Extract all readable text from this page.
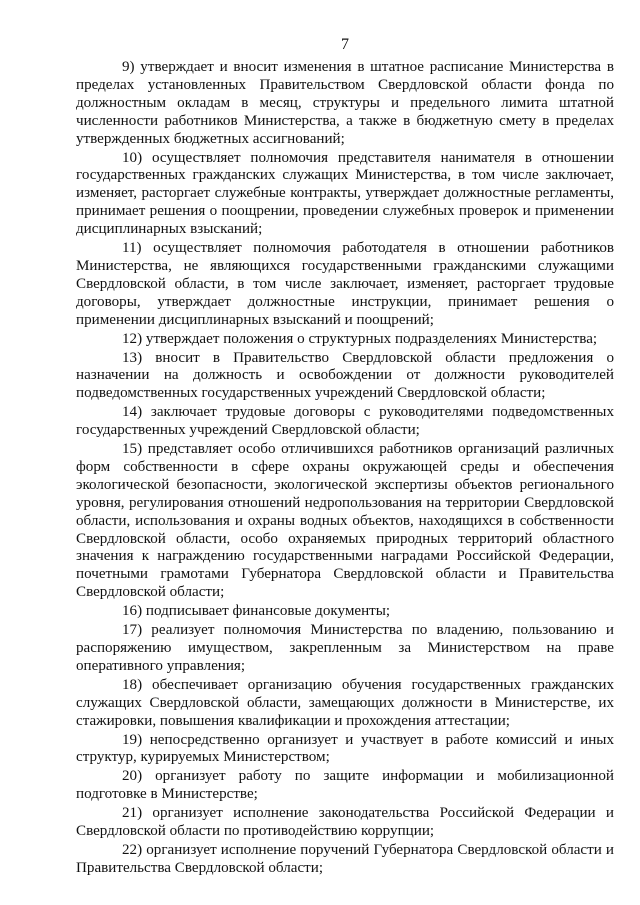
7

9) утверждает и вносит изменения в штатное расписание Министерства в пределах установленных Правительством Свердловской области фонда по должностным окладам в месяц, структуры и предельного лимита штатной численности работников Министерства, а также в бюджетную смету в пределах утвержденных бюджетных ассигнований;

10) осуществляет полномочия представителя нанимателя в отношении государственных гражданских служащих Министерства, в том числе заключает, изменяет, расторгает служебные контракты, утверждает должностные регламенты, принимает решения о поощрении, проведении служебных проверок и применении дисциплинарных взысканий;

11) осуществляет полномочия работодателя в отношении работников Министерства, не являющихся государственными гражданскими служащими Свердловской области, в том числе заключает, изменяет, расторгает трудовые договоры, утверждает должностные инструкции, принимает решения о применении дисциплинарных взысканий и поощрений;

12) утверждает положения о структурных подразделениях Министерства;

13) вносит в Правительство Свердловской области предложения о назначении на должность и освобождении от должности руководителей подведомственных государственных учреждений Свердловской области;

14) заключает трудовые договоры с руководителями подведомственных государственных учреждений Свердловской области;

15) представляет особо отличившихся работников организаций различных форм собственности в сфере охраны окружающей среды и обеспечения экологической безопасности, экологической экспертизы объектов регионального уровня, регулирования отношений недропользования на территории Свердловской области, использования и охраны водных объектов, находящихся в собственности Свердловской области, особо охраняемых природных территорий областного значения к награждению государственными наградами Российской Федерации, почетными грамотами Губернатора Свердловской области и Правительства Свердловской области;

16) подписывает финансовые документы;

17) реализует полномочия Министерства по владению, пользованию и распоряжению имуществом, закрепленным за Министерством на праве оперативного управления;

18) обеспечивает организацию обучения государственных гражданских служащих Свердловской области, замещающих должности в Министерстве, их стажировки, повышения квалификации и прохождения аттестации;

19) непосредственно организует и участвует в работе комиссий и иных структур, курируемых Министерством;

20) организует работу по защите информации и мобилизационной подготовке в Министерстве;

21) организует исполнение законодательства Российской Федерации и Свердловской области по противодействию коррупции;

22) организует исполнение поручений Губернатора Свердловской области и Правительства Свердловской области;
